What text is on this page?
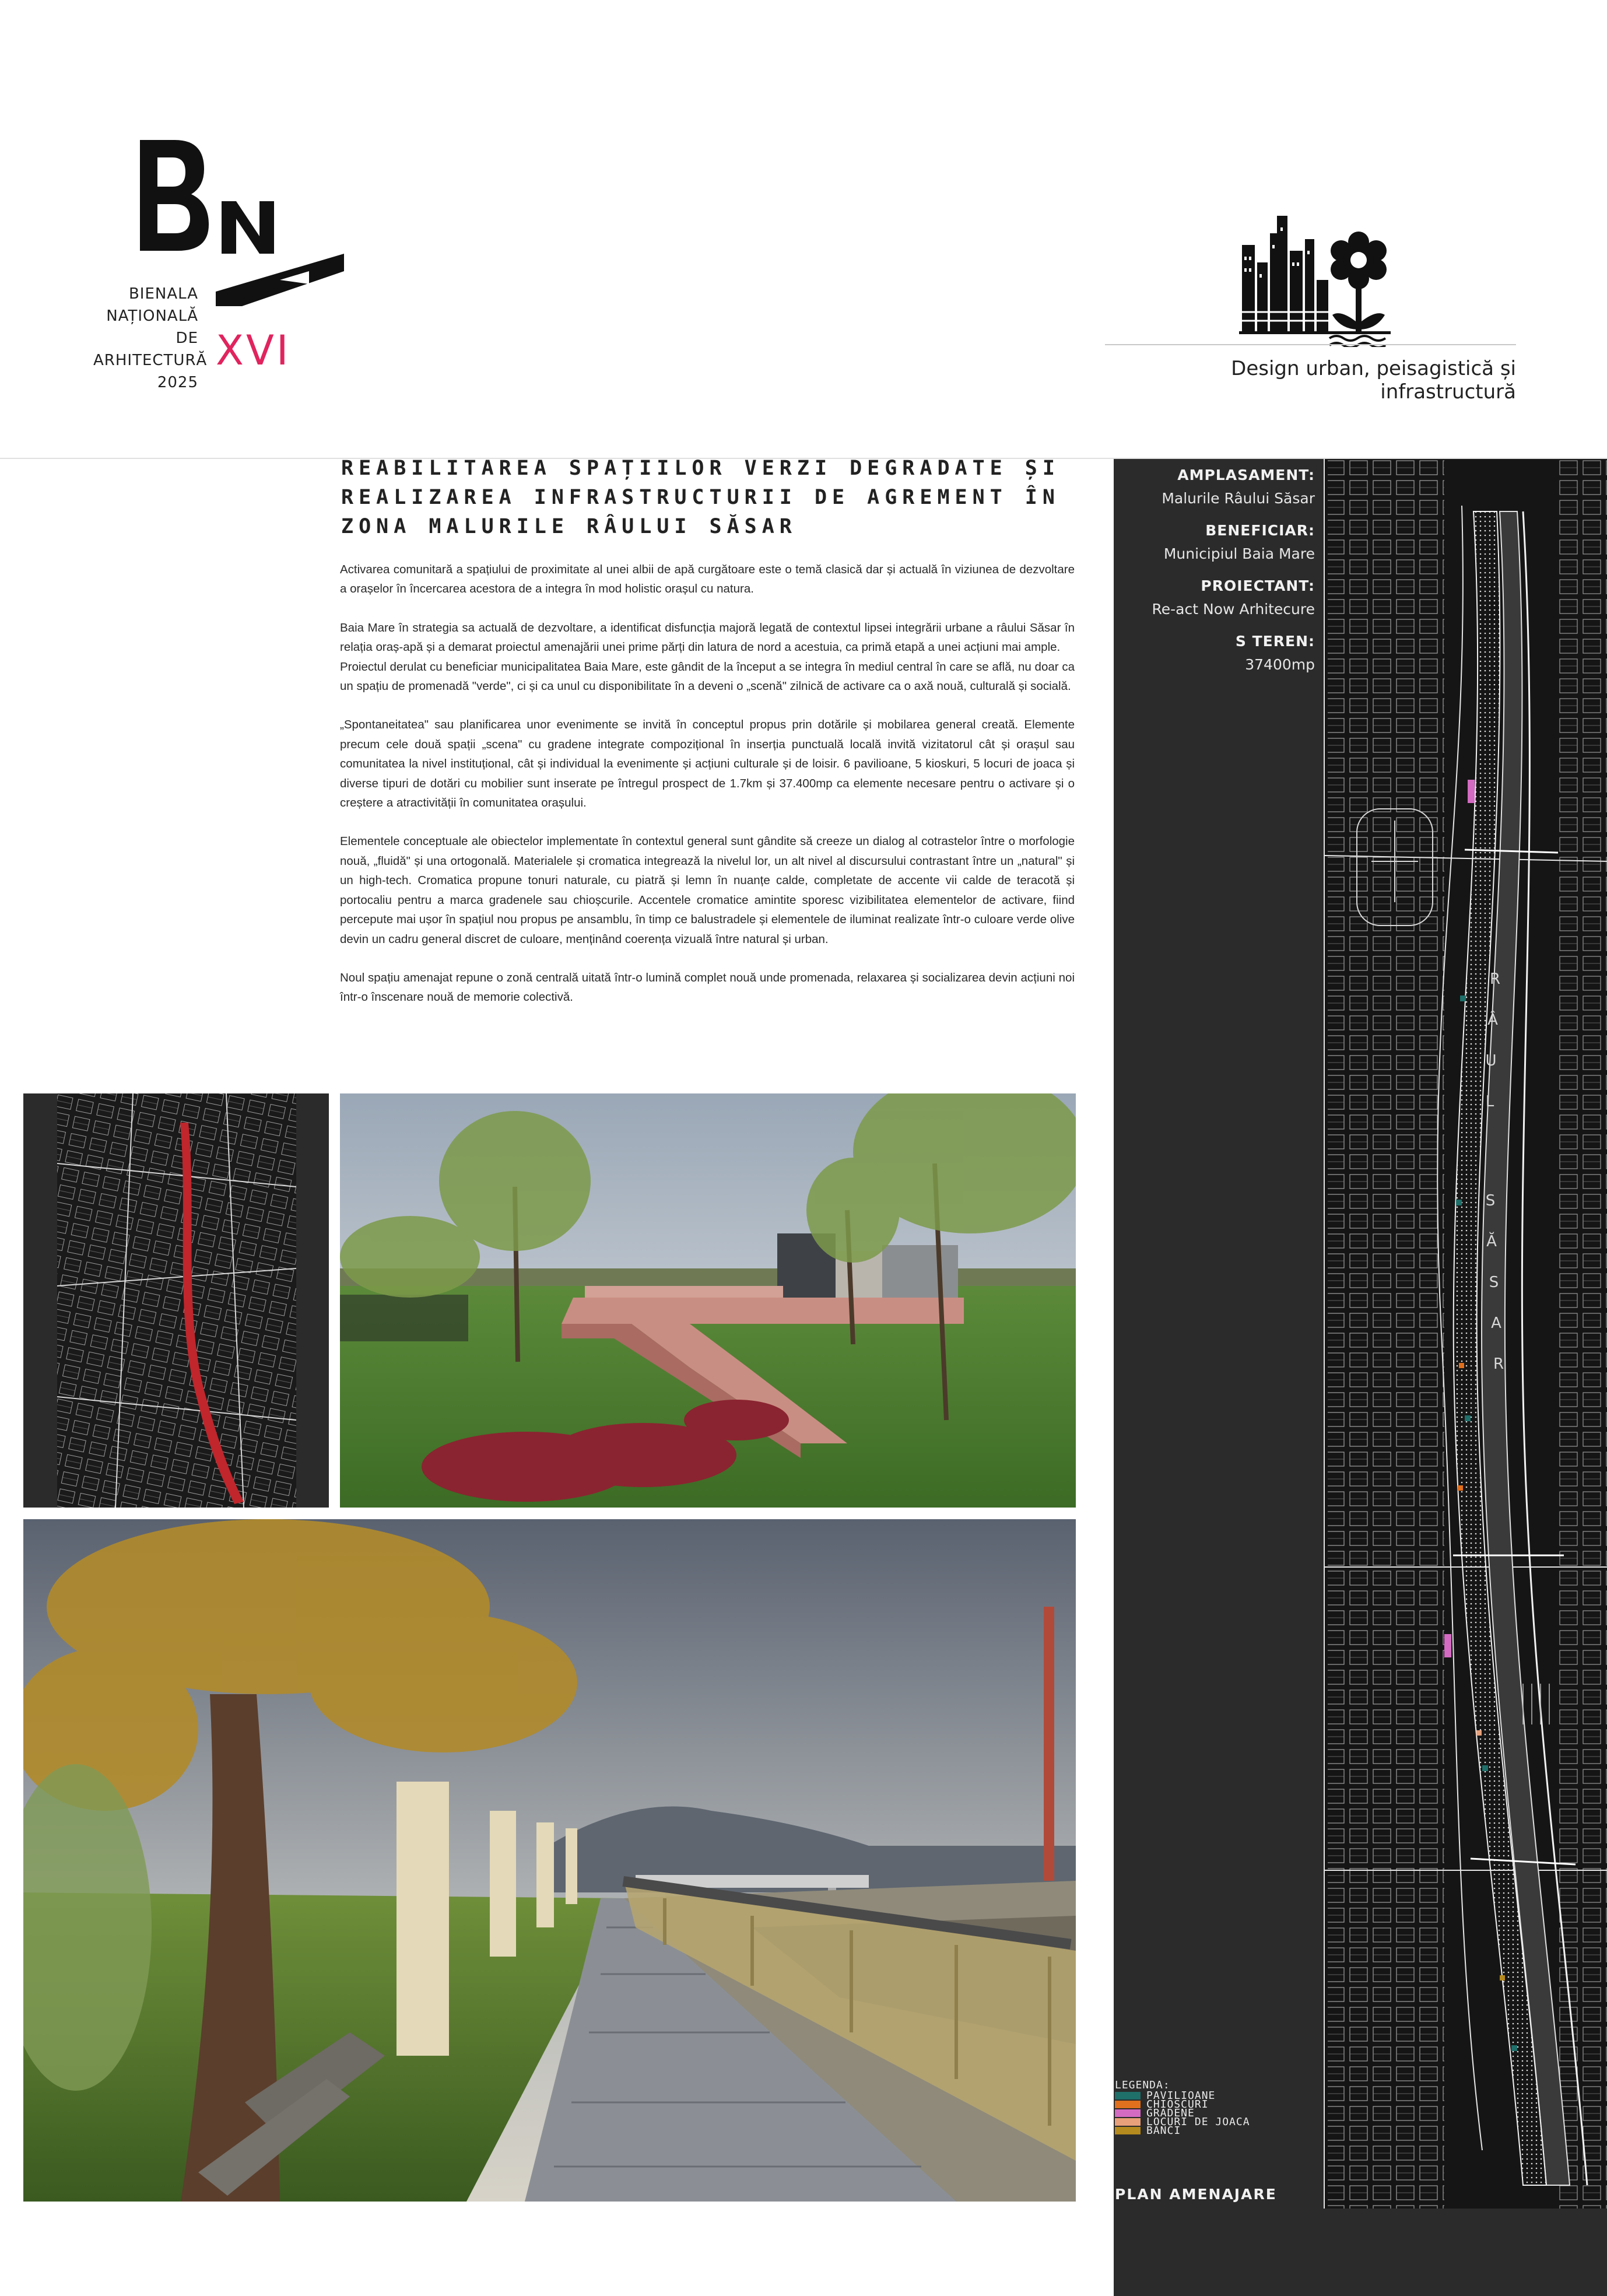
BIENALA
NAȚIONALĂ
DE
ARHITECTURĂ
2025
XVI	Design urban, peisagistică și infrastructură
REABILITAREA SPAȚIILOR VERZI DEGRADATE ȘI REALIZAREA INFRASTRUCTURII DE AGREMENT ÎN ZONA MALURILE RÂULUI SĂSAR

Activarea comunitară a spațiului de proximitate al unei albii de apă curgătoare este o temă clasică dar și actuală în viziunea de dezvoltare a orașelor în încercarea acestora de a integra în mod holistic orașul cu natura.

Baia Mare în strategia sa actuală de dezvoltare, a identificat disfuncția majoră legată de contextul lipsei integrării urbane a râului Săsar în relația oraș-apă și a demarat proiectul amenajării unei prime părți din latura de nord a acestuia, ca primă etapă a unei acțiuni mai ample.

Proiectul derulat cu beneficiar municipalitatea Baia Mare, este gândit de la început a se integra în mediul central în care se află, nu doar ca un spațiu de promenadă "verde", ci și ca unul cu disponibilitate în a deveni o „scenă" zilnică de activare ca o axă nouă, culturală și socială.

„Spontaneitatea" sau planificarea unor evenimente se invită în conceptul propus prin dotările și mobilarea general creată. Elemente precum cele două spații „scena" cu gradene integrate compozițional în inserția punctuală locală invită vizitatorul cât și orașul sau comunitatea la nivel instituțional, cât și individual la evenimente și acțiuni culturale și de loisir. 6 pavilioane, 5 kioskuri, 5 locuri de joaca și diverse tipuri de dotări cu mobilier sunt inserate pe întregul prospect de 1.7km și 37.400mp ca elemente necesare pentru o activare și o creștere a atractivității în comunitatea orașului.

Elementele conceptuale ale obiectelor implementate în contextul general sunt gândite să creeze un dialog al cotrastelor între o morfologie nouă, „fluidă" și una ortogonală. Materialele și cromatica integrează la nivelul lor, un alt nivel al discursului contrastant între un „natural" și un high-tech. Cromatica propune tonuri naturale, cu piatră și lemn în nuanțe calde, completate de accente vii calde de teracotă și portocaliu pentru a marca gradenele sau chioșcurile. Accentele cromatice amintite sporesc vizibilitatea elementelor de activare, fiind percepute mai ușor în spațiul nou propus pe ansamblu, în timp ce balustradele și elementele de iluminat realizate într-o culoare verde olive devin un cadru general discret de culoare, menținând coerența vizuală între natural și urban.

Noul spațiu amenajat repune o zonă centrală uitată într-o lumină complet nouă unde promenada, relaxarea și socializarea devin acțiuni noi într-o înscenare nouă de memorie colectivă.

AMPLASAMENT:
Malurile Râului Săsar
BENEFICIAR:
Municipiul Baia Mare
PROIECTANT:
Re-act Now Arhitecure
S TEREN:
37400mp
R
Â
U
L
S
Ă
S
A
R
LEGENDA:
PAVILIOANE
CHIOSCURI
GRADENE
LOCURI DE JOACA
BANCI
PLAN AMENAJARE
